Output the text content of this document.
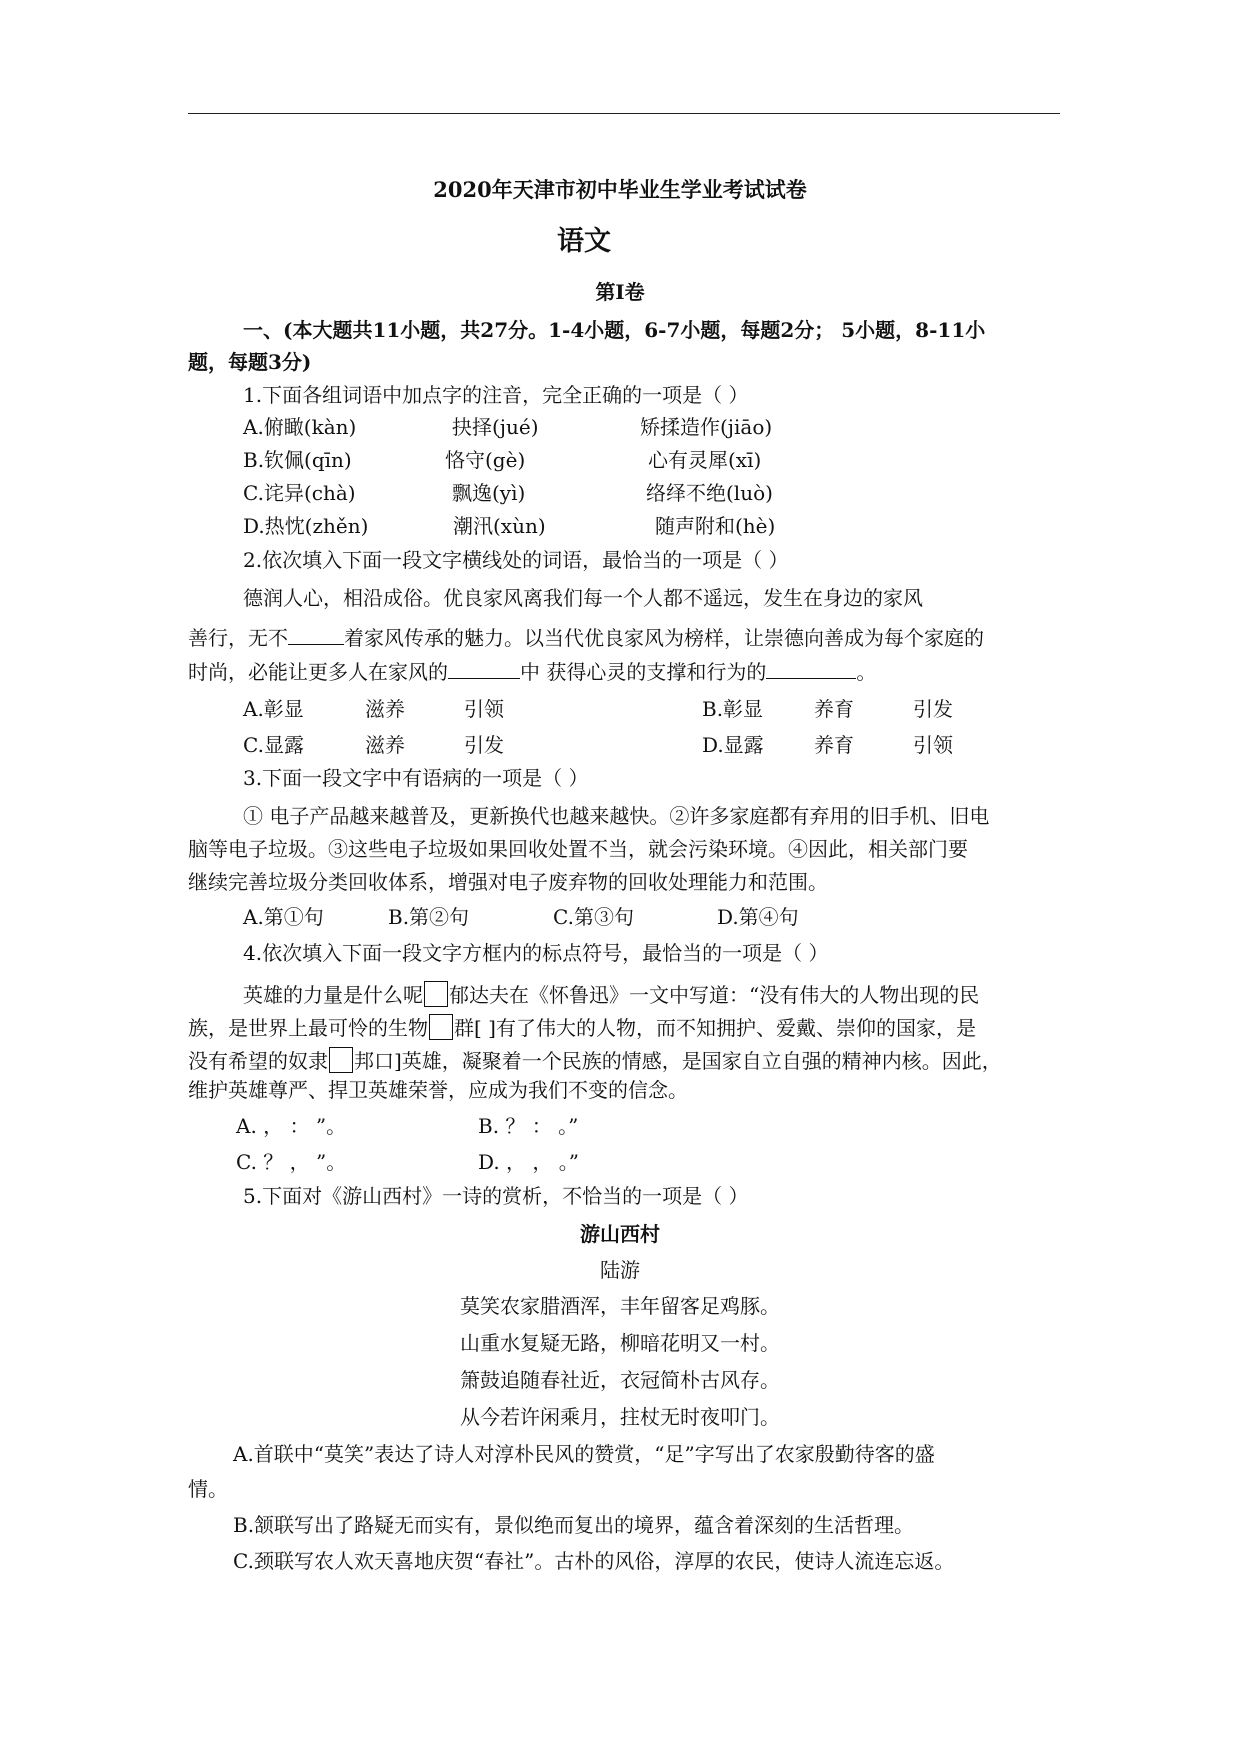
2020年天津市初中毕业生学业考试试卷
语文
第Ⅰ卷
一、(本大题共11小题，共27分。1-4小题，6-7小题，每题2分； 5小题，8-11小
题，每题3分)
1.下面各组词语中加点字的注音，完全正确的一项是（ ）
A.俯瞰(kàn)	抉择(jué)	矫揉造作(jiāo)
B.钦佩(qīn)	恪守(gè)	心有灵犀(xī)
C.诧异(chà)	飘逸(yì)	络绎不绝(luò)
D.热忱(zhěn)	潮汛(xùn)	随声附和(hè)
2.依次填入下面一段文字横线处的词语，最恰当的一项是（ ）
德润人心，相沿成俗。优良家风离我们每一个人都不遥远，发生在身边的家风
善行，无不	着家风传承的魅力。以当代优良家风为榜样，让崇德向善成为每个家庭的
时尚，必能让更多人在家风的	中 获得心灵的支撑和行为的	。
A.彰显	滋养	引领	B.彰显	养育	引发
C.显露	滋养	引发	D.显露	养育	引领
3.下面一段文字中有语病的一项是（ ）
① 电子产品越来越普及，更新换代也越来越快。②许多家庭都有弃用的旧手机、旧电
脑等电子垃圾。③这些电子垃圾如果回收处置不当，就会污染环境。④因此，相关部门要
继续完善垃圾分类回收体系，增强对电子废弃物的回收处理能力和范围。
A.第①句	B.第②句	C.第③句	D.第④句
4.依次填入下面一段文字方框内的标点符号，最恰当的一项是（ ）
英雄的力量是什么呢 郁达夫在《怀鲁迅》一文中写道：“没有伟大的人物出现的民
族，是世界上最可怜的生物 群[ ]有了伟大的人物，而不知拥护、爱戴、崇仰的国家，是
没有希望的奴隶 邦口]英雄，凝聚着一个民族的情感，是国家自立自强的精神内核。因此，
维护英雄尊严、捍卫英雄荣誉，应成为我们不变的信念。
A. ， ： ”。	B. ？ ： 。”
C. ？ ， ”。	D. ， ， 。”
5.下面对《游山西村》一诗的赏析，不恰当的一项是（ ）
游山西村
陆游
莫笑农家腊酒浑，丰年留客足鸡豚。
山重水复疑无路，柳暗花明又一村。
箫鼓追随春社近，衣冠简朴古风存。
从今若许闲乘月，拄杖无时夜叩门。
A.首联中“莫笑”表达了诗人对淳朴民风的赞赏，“足”字写出了农家殷勤待客的盛
情。
B.颔联写出了路疑无而实有，景似绝而复出的境界，蕴含着深刻的生活哲理。
C.颈联写农人欢天喜地庆贺“春社”。古朴的风俗，淳厚的农民，使诗人流连忘返。
